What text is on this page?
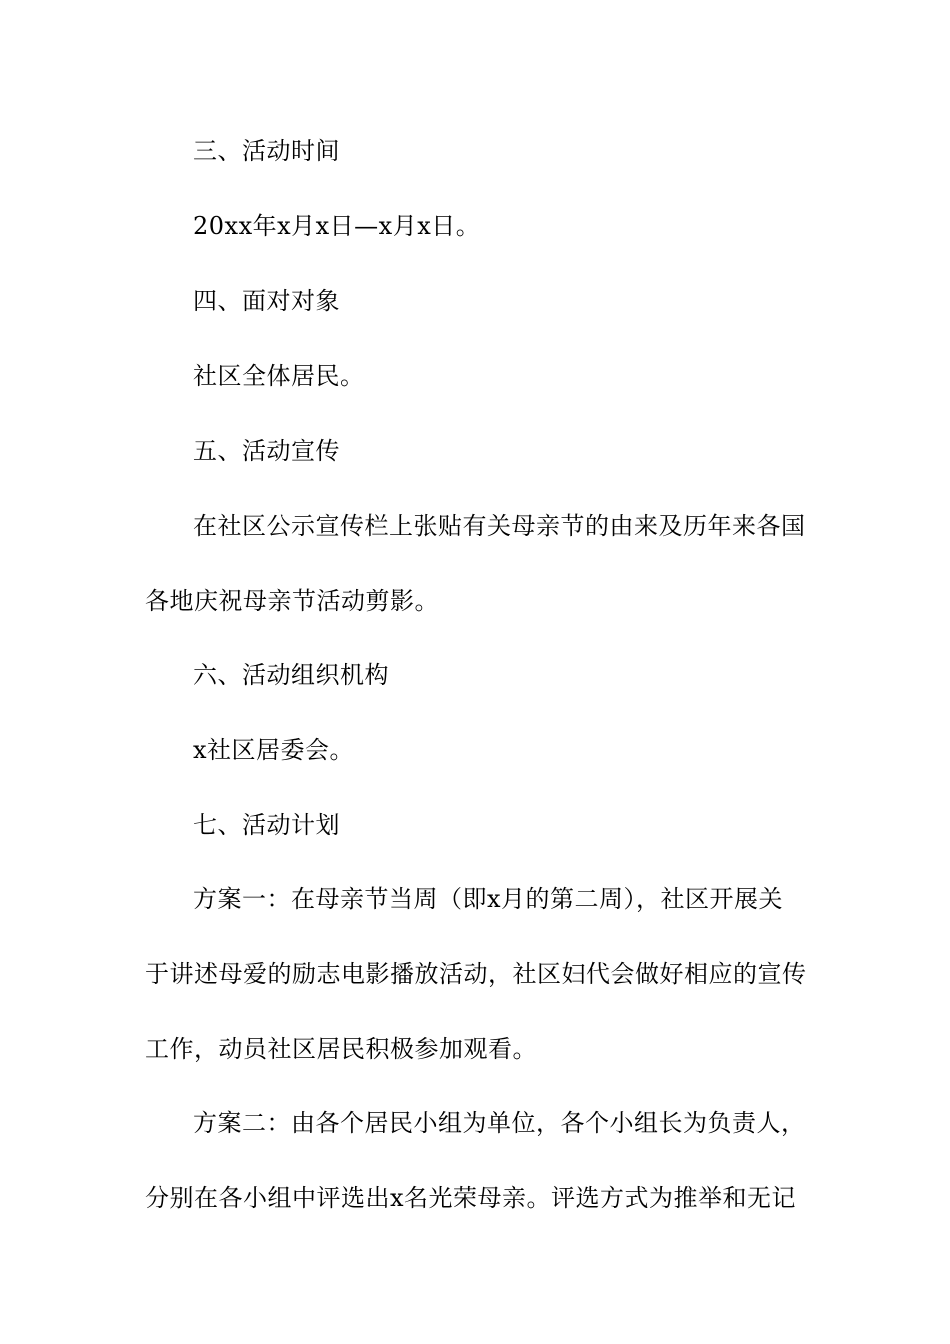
三、活动时间
20xx年x月x日—x月x日。
四、面对对象
社区全体居民。
五、活动宣传
在社区公示宣传栏上张贴有关母亲节的由来及历年来各国
各地庆祝母亲节活动剪影。
六、活动组织机构
x社区居委会。
七、活动计划
方案一：在母亲节当周（即x月的第二周），社区开展关
于讲述母爱的励志电影播放活动，社区妇代会做好相应的宣传
工作，动员社区居民积极参加观看。
方案二：由各个居民小组为单位，各个小组长为负责人，
分别在各小组中评选出x名光荣母亲。评选方式为推举和无记
